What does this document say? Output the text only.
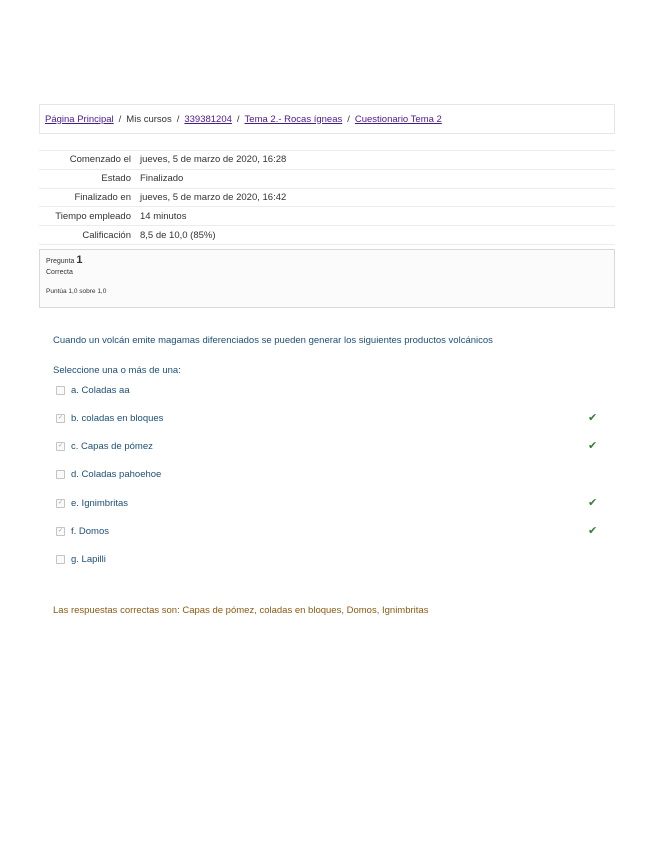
Página Principal / Mis cursos / 339381204 / Tema 2.- Rocas ígneas / Cuestionario Tema 2
Comenzado el	jueves, 5 de marzo de 2020, 16:28
Estado	Finalizado
Finalizado en	jueves, 5 de marzo de 2020, 16:42
Tiempo empleado	14 minutos
Calificación	8,5 de 10,0 (85%)
Pregunta 1
Correcta
Puntúa 1,0 sobre 1,0
Cuando un volcán emite magamas diferenciados se pueden generar los siguientes productos volcánicos
Seleccione una o más de una:
a. Coladas aa
✓ b. coladas en bloques	✔
✓ c. Capas de pómez	✔
d. Coladas pahoehoe
✓ e. Ignimbritas	✔
✓ f. Domos	✔
g. Lapilli
Las respuestas correctas son: Capas de pómez, coladas en bloques, Domos, Ignimbritas
